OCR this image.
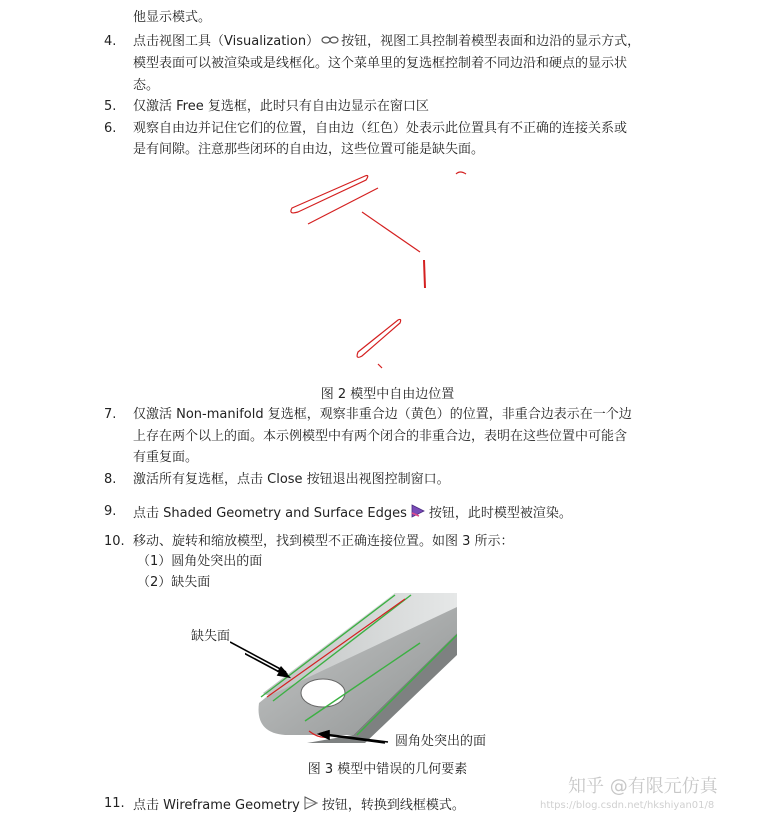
他显示模式。
4. 点击视图工具（Visualization） 按钮，视图工具控制着模型表面和边沿的显示方式，
模型表面可以被渲染或是线框化。这个菜单里的复选框控制着不同边沿和硬点的显示状
态。
5. 仅激活 Free 复选框，此时只有自由边显示在窗口区
6. 观察自由边并记住它们的位置，自由边（红色）处表示此位置具有不正确的连接关系或
是有间隙。注意那些闭环的自由边，这些位置可能是缺失面。
图 2 模型中自由边位置
7. 仅激活 Non-manifold 复选框，观察非重合边（黄色）的位置，非重合边表示在一个边
上存在两个以上的面。本示例模型中有两个闭合的非重合边，表明在这些位置中可能含
有重复面。
8. 激活所有复选框，点击 Close 按钮退出视图控制窗口。
9. 点击 Shaded Geometry and Surface Edges 按钮，此时模型被渲染。
10. 移动、旋转和缩放模型，找到模型不正确连接位置。如图 3 所示：
（1）圆角处突出的面
（2）缺失面
缺失面
圆角处突出的面
图 3 模型中错误的几何要素
11. 点击 Wireframe Geometry 按钮，转换到线框模式。
知乎 @有限元仿真
https://blog.csdn.net/hkshiyan01/8
